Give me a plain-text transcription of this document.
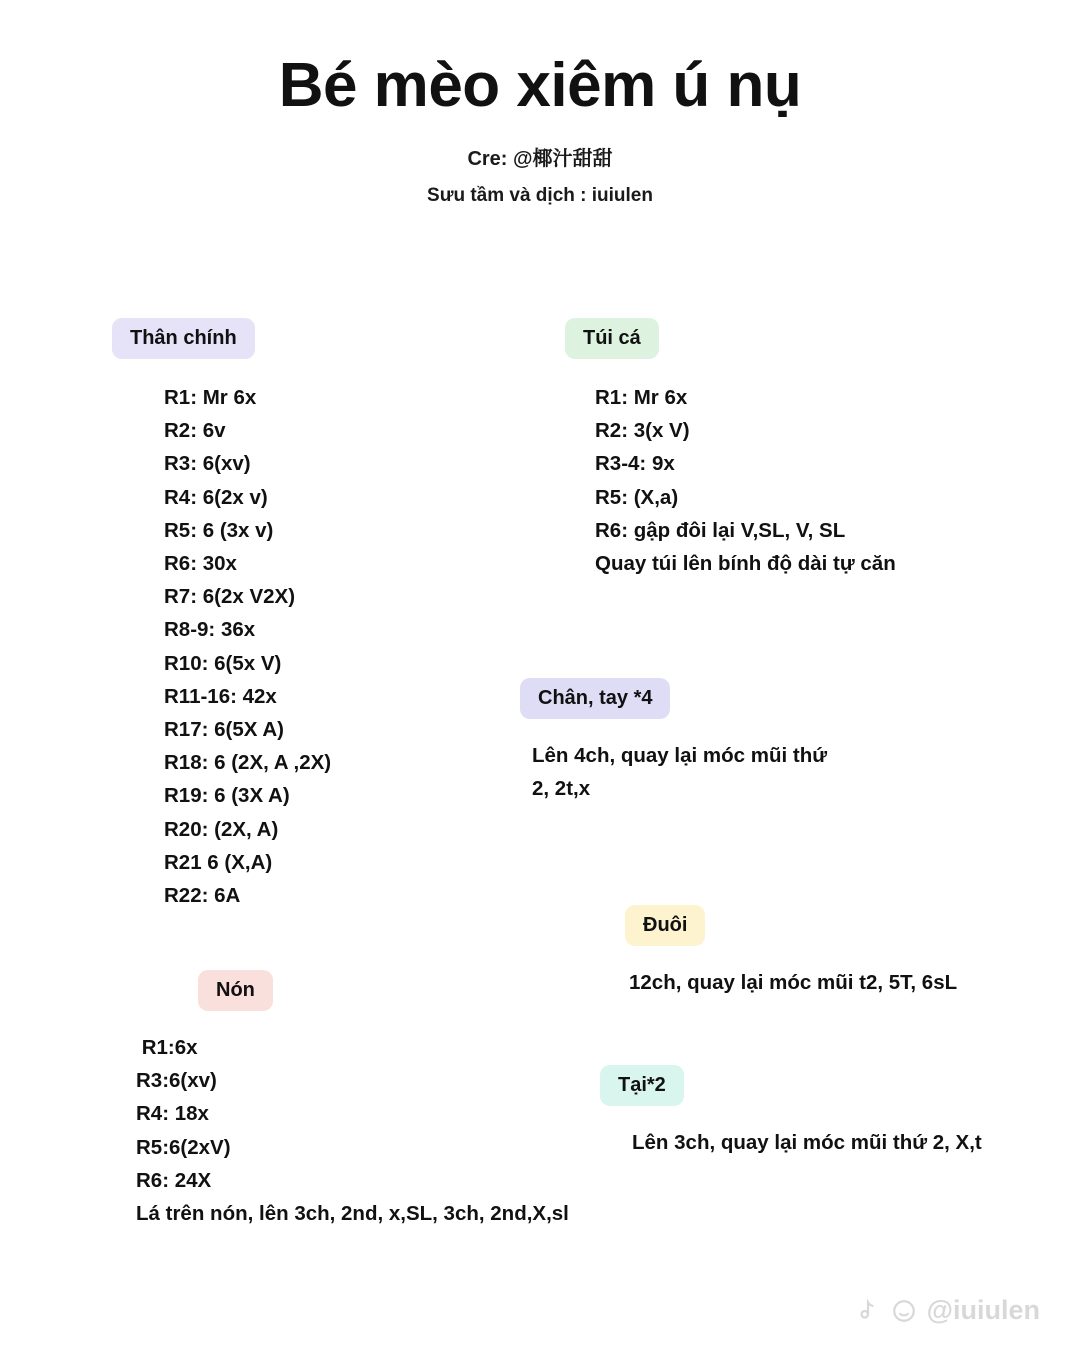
Bé mèo xiêm ú nụ
Cre: @椰汁甜甜
Sưu tầm và dịch : iuiulen
Thân chính
R1: Mr 6x
R2: 6v
R3: 6(xv)
R4: 6(2x v)
R5: 6 (3x v)
R6: 30x
R7: 6(2x V2X)
R8-9: 36x
R10: 6(5x V)
R11-16: 42x
R17: 6(5X A)
R18: 6 (2X, A ,2X)
R19: 6 (3X A)
R20: (2X, A)
R21 6 (X,A)
R22: 6A
Nón
R1:6x
R3:6(xv)
R4: 18x
R5:6(2xV)
R6: 24X
Lá trên nón, lên 3ch, 2nd, x,SL, 3ch, 2nd,X,sl
Túi cá
R1: Mr 6x
R2: 3(x V)
R3-4: 9x
R5: (X,a)
R6: gập đôi lại V,SL, V, SL
Quay túi lên bính độ dài tự căn
Chân, tay *4
Lên 4ch, quay lại móc mũi thứ
2, 2t,x
Đuôi
12ch, quay lại móc mũi t2, 5T, 6sL
Tại*2
Lên 3ch, quay lại móc mũi thứ 2, X,t
@iuiulen
